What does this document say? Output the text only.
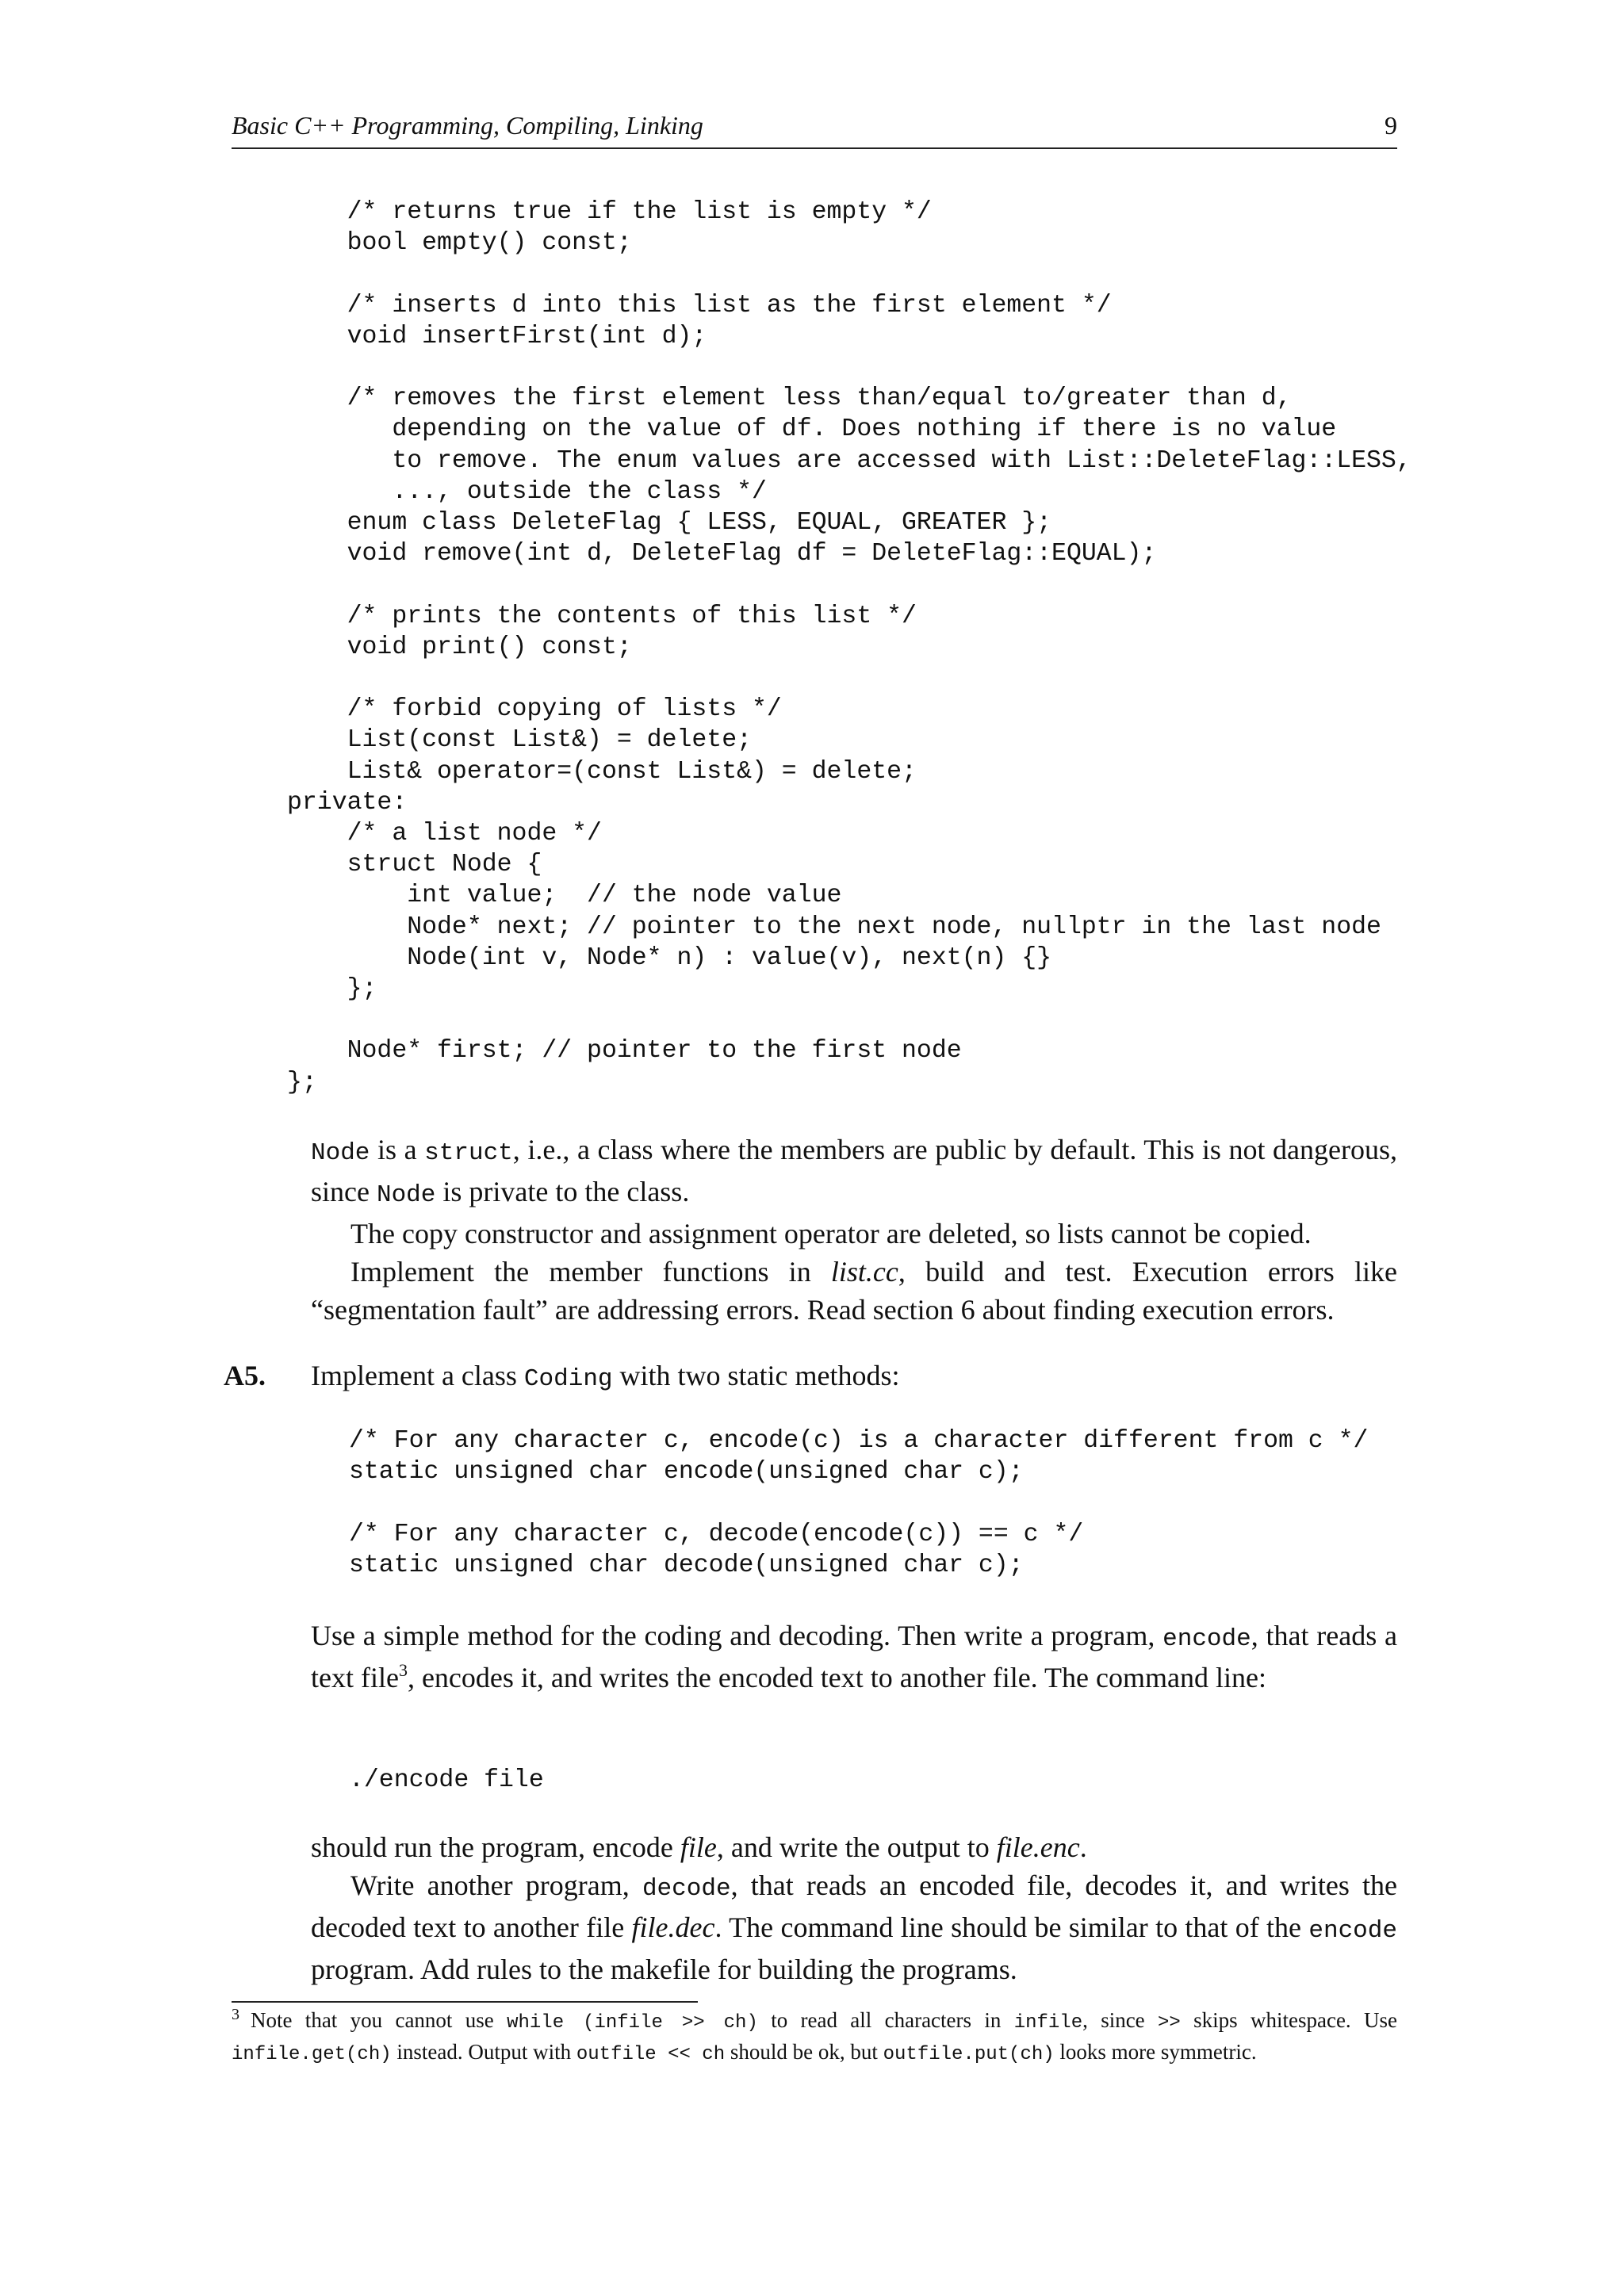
Basic C++ Programming, Compiling, Linking	9
/* returns true if the list is empty */
bool empty() const;

/* inserts d into this list as the first element */
void insertFirst(int d);

/* removes the first element less than/equal to/greater than d,
depending on the value of df. Does nothing if there is no value
to remove. The enum values are accessed with List::DeleteFlag::LESS,
..., outside the class */
enum class DeleteFlag { LESS, EQUAL, GREATER };
void remove(int d, DeleteFlag df = DeleteFlag::EQUAL);

/* prints the contents of this list */
void print() const;

/* forbid copying of lists */
List(const List&) = delete;
List& operator=(const List&) = delete;
private:
/* a list node */
struct Node {
int value;  // the node value
Node* next; // pointer to the next node, nullptr in the last node
Node(int v, Node* n) : value(v), next(n) {}
};

Node* first; // pointer to the first node
};
Node is a struct, i.e., a class where the members are public by default. This is not dangerous, since Node is private to the class.
The copy constructor and assignment operator are deleted, so lists cannot be copied.
Implement the member functions in list.cc, build and test. Execution errors like “segmentation fault” are addressing errors. Read section 6 about finding execution errors.
A5. Implement a class Coding with two static methods:
/* For any character c, encode(c) is a character different from c */
static unsigned char encode(unsigned char c);

/* For any character c, decode(encode(c)) == c */
static unsigned char decode(unsigned char c);
Use a simple method for the coding and decoding. Then write a program, encode, that reads a text file$^3$, encodes it, and writes the encoded text to another file. The command line:
./encode file
should run the program, encode file, and write the output to file.enc.
Write another program, decode, that reads an encoded file, decodes it, and writes the decoded text to another file file.dec. The command line should be similar to that of the encode program. Add rules to the makefile for building the programs.
$^3$ Note that you cannot use while (infile >> ch) to read all characters in infile, since >> skips whitespace. Use infile.get(ch) instead. Output with outfile << ch should be ok, but outfile.put(ch) looks more symmetric.
